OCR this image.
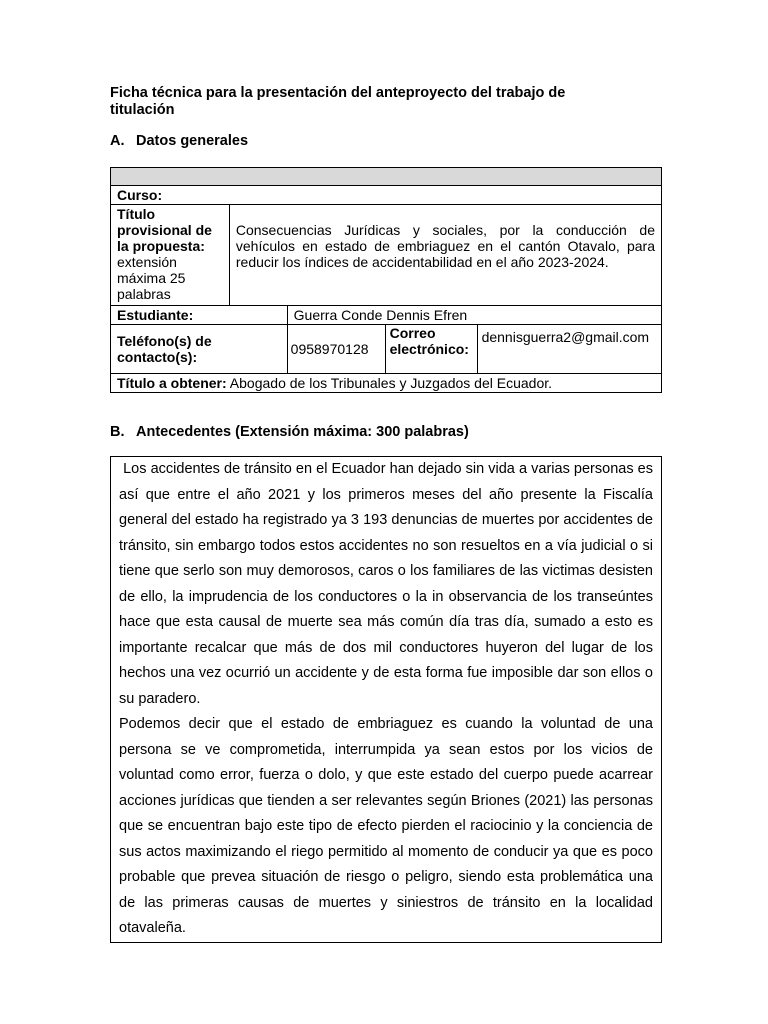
Ficha técnica para la presentación del anteproyecto del trabajo de titulación
A. Datos generales

Curso:				
Título provisional de la propuesta: extensión máxima 25 palabras	Consecuencias Jurídicas y sociales, por la conducción de vehículos en estado de embriaguez en el cantón Otavalo, para reducir los índices de accidentabilidad en el año 2023-2024.			
Estudiante:		Guerra Conde Dennis Efren		
Teléfono(s) de contacto(s):		0958970128	Correo electrónico:	dennisguerra2@gmail.com
Título a obtener: Abogado de los Tribunales y Juzgados del Ecuador.				
B. Antecedentes (Extensión máxima: 300 palabras)

Los accidentes de tránsito en el Ecuador han dejado sin vida a varias personas es así que entre el año 2021 y los primeros meses del año presente la Fiscalía general del estado ha registrado ya 3 193 denuncias de muertes por accidentes de tránsito, sin embargo todos estos accidentes no son resueltos en a vía judicial o si tiene que serlo son muy demorosos, caros o los familiares de las victimas desisten de ello, la imprudencia de los conductores o la in observancia de los transeúntes hace que esta causal de muerte sea más común día tras día, sumado a esto es importante recalcar que más de dos mil conductores huyeron del lugar de los hechos una vez ocurrió un accidente y de esta forma fue imposible dar son ellos o su paradero.

Podemos decir que el estado de embriaguez es cuando la voluntad de una persona se ve comprometida, interrumpida ya sean estos por los vicios de voluntad como error, fuerza o dolo, y que este estado del cuerpo puede acarrear acciones jurídicas que tienden a ser relevantes según Briones (2021) las personas que se encuentran bajo este tipo de efecto pierden el raciocinio y la conciencia de sus actos maximizando el riego permitido al momento de conducir ya que es poco probable que prevea situación de riesgo o peligro, siendo esta problemática una de las primeras causas de muertes y siniestros de tránsito en la localidad otavaleña.
